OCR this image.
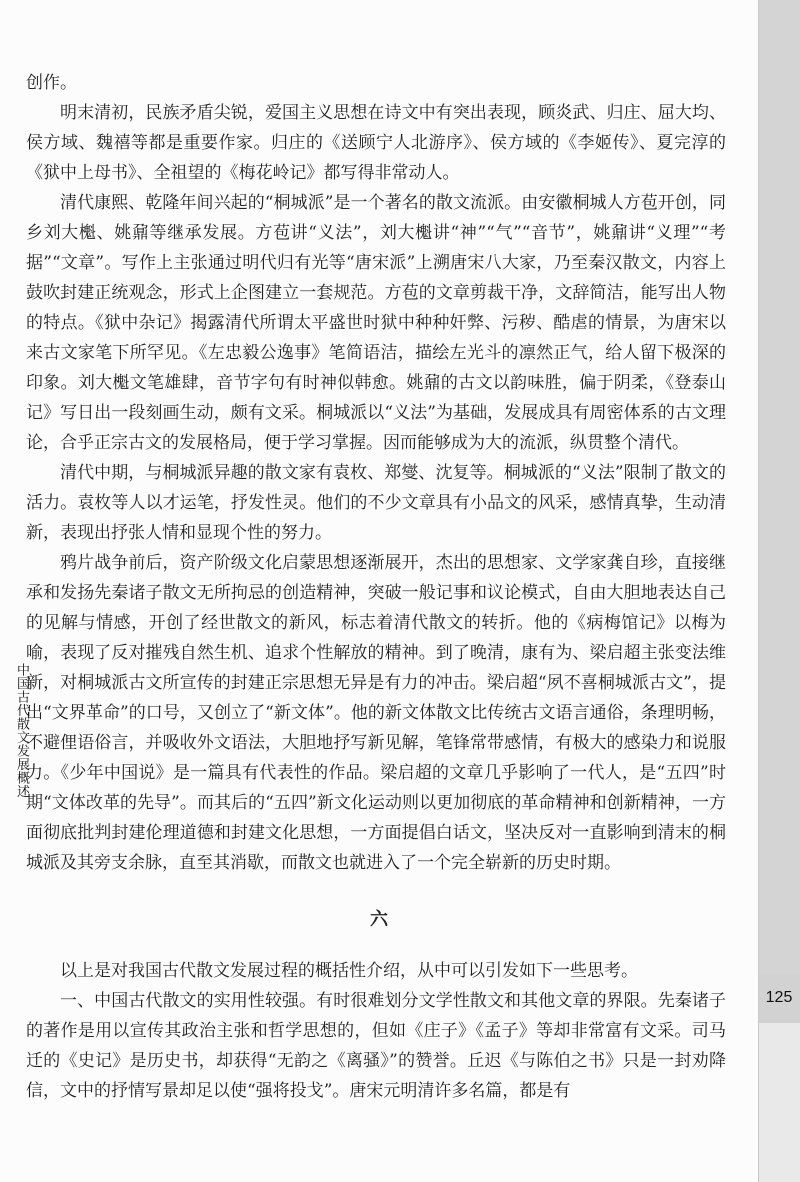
创作。

明末清初，民族矛盾尖锐，爱国主义思想在诗文中有突出表现，顾炎武、归庄、屈大均、侯方域、魏禧等都是重要作家。归庄的《送顾宁人北游序》、侯方域的《李姬传》、夏完淳的《狱中上母书》、全祖望的《梅花岭记》都写得非常动人。

清代康熙、乾隆年间兴起的“桐城派”是一个著名的散文流派。由安徽桐城人方苞开创，同乡刘大櫆、姚鼐等继承发展。方苞讲“义法”，刘大櫆讲“神”“气”“音节”，姚鼐讲“义理”“考据”“文章”。写作上主张通过明代归有光等“唐宋派”上溯唐宋八大家，乃至秦汉散文，内容上鼓吹封建正统观念，形式上企图建立一套规范。方苞的文章剪裁干净，文辞简洁，能写出人物的特点。《狱中杂记》揭露清代所谓太平盛世时狱中种种奸弊、污秽、酷虐的情景，为唐宋以来古文家笔下所罕见。《左忠毅公逸事》笔简语洁，描绘左光斗的凛然正气，给人留下极深的印象。刘大櫆文笔雄肆，音节字句有时神似韩愈。姚鼐的古文以韵味胜，偏于阴柔，《登泰山记》写日出一段刻画生动，颇有文采。桐城派以“义法”为基础，发展成具有周密体系的古文理论，合乎正宗古文的发展格局，便于学习掌握。因而能够成为大的流派，纵贯整个清代。

清代中期，与桐城派异趣的散文家有袁枚、郑燮、沈复等。桐城派的“义法”限制了散文的活力。袁枚等人以才运笔，抒发性灵。他们的不少文章具有小品文的风采，感情真挚，生动清新，表现出抒张人情和显现个性的努力。

鸦片战争前后，资产阶级文化启蒙思想逐渐展开，杰出的思想家、文学家龚自珍，直接继承和发扬先秦诸子散文无所拘忌的创造精神，突破一般记事和议论模式，自由大胆地表达自己的见解与情感，开创了经世散文的新风，标志着清代散文的转折。他的《病梅馆记》以梅为喻，表现了反对摧残自然生机、追求个性解放的精神。到了晚清，康有为、梁启超主张变法维新，对桐城派古文所宣传的封建正宗思想无异是有力的冲击。梁启超“夙不喜桐城派古文”，提出“文界革命”的口号，又创立了“新文体”。他的新文体散文比传统古文语言通俗，条理明畅，不避俚语俗言，并吸收外文语法，大胆地抒写新见解，笔锋常带感情，有极大的感染力和说服力。《少年中国说》是一篇具有代表性的作品。梁启超的文章几乎影响了一代人，是“五四”时期“文体改革的先导”。而其后的“五四”新文化运动则以更加彻底的革命精神和创新精神，一方面彻底批判封建伦理道德和封建文化思想，一方面提倡白话文，坚决反对一直影响到清末的桐城派及其旁支余脉，直至其消歇，而散文也就进入了一个完全崭新的历史时期。

六

以上是对我国古代散文发展过程的概括性介绍，从中可以引发如下一些思考。

一、中国古代散文的实用性较强。有时很难划分文学性散文和其他文章的界限。先秦诸子的著作是用以宣传其政治主张和哲学思想的，但如《庄子》《孟子》等却非常富有文采。司马迁的《史记》是历史书，却获得“无韵之《离骚》”的赞誉。丘迟《与陈伯之书》只是一封劝降信，文中的抒情写景却足以使“强将投戈”。唐宋元明清许多名篇，都是有

中国古代散文发展概述
125
